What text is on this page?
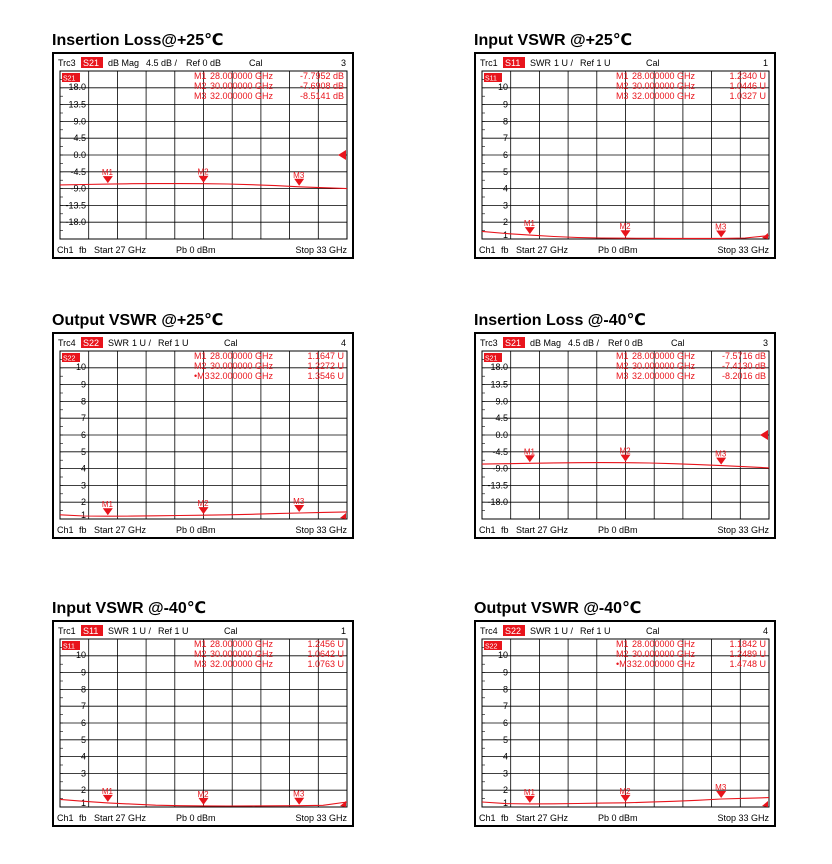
Insertion Loss@+25℃
Trc3 S21 dB Mag 4.5 dB / Ref 0 dB	Cal	3
18.0
13.5
9.0
4.5
0.0
-4.5
-9.0
-13.5
-18.0
S21	M1 28.000000 GHz	-7.7952 dB
M2 30.000000 GHz	-7.6908 dB
M3 32.000000 GHz	-8.5141 dB
M1	M2	M3
Ch1 fb Start 27 GHz	Pb 0 dBm	Stop 33 GHz
Input VSWR @+25℃
Trc1 S11 SWR 1 U / Ref 1 U	Cal	1
10
9
8
7
6
5
4
3
2
1
S11	M1 28.000000 GHz	1.2340 U
M2 30.000000 GHz	1.0446 U
M3 32.000000 GHz	1.0327 U
M1	M2	M3
Ch1 fb Start 27 GHz	Pb 0 dBm	Stop 33 GHz
Output VSWR @+25℃
Trc4 S22 SWR 1 U / Ref 1 U	Cal	4
10
9
8
7
6
5
4
3
2
1
S22	M1 28.000000 GHz	1.1647 U
M2 30.000000 GHz	1.2272 U
•M3 32.000000 GHz	1.3546 U
M1	M2	M3
Ch1 fb Start 27 GHz	Pb 0 dBm	Stop 33 GHz
Insertion Loss @-40℃
Trc3 S21 dB Mag 4.5 dB / Ref 0 dB	Cal	3
18.0
13.5
9.0
4.5
0.0
-4.5
-9.0
-13.5
-18.0
S21	M1 28.000000 GHz	-7.5716 dB
M2 30.000000 GHz	-7.4130 dB
M3 32.000000 GHz	-8.2016 dB
M1	M2	M3
Ch1 fb Start 27 GHz	Pb 0 dBm	Stop 33 GHz
Input VSWR @-40℃
Trc1 S11 SWR 1 U / Ref 1 U	Cal	1
10
9
8
7
6
5
4
3
2
1
S11	M1 28.000000 GHz	1.2456 U
M2 30.000000 GHz	1.0642 U
M3 32.000000 GHz	1.0763 U
M1	M2	M3
Ch1 fb Start 27 GHz	Pb 0 dBm	Stop 33 GHz
Output VSWR @-40℃
Trc4 S22 SWR 1 U / Ref 1 U	Cal	4
10
9
8
7
6
5
4
3
2
1
S22	M1 28.000000 GHz	1.1842 U
M2 30.000000 GHz	1.2489 U
•M3 32.000000 GHz	1.4748 U
M1	M2	M3
Ch1 fb Start 27 GHz	Pb 0 dBm	Stop 33 GHz
